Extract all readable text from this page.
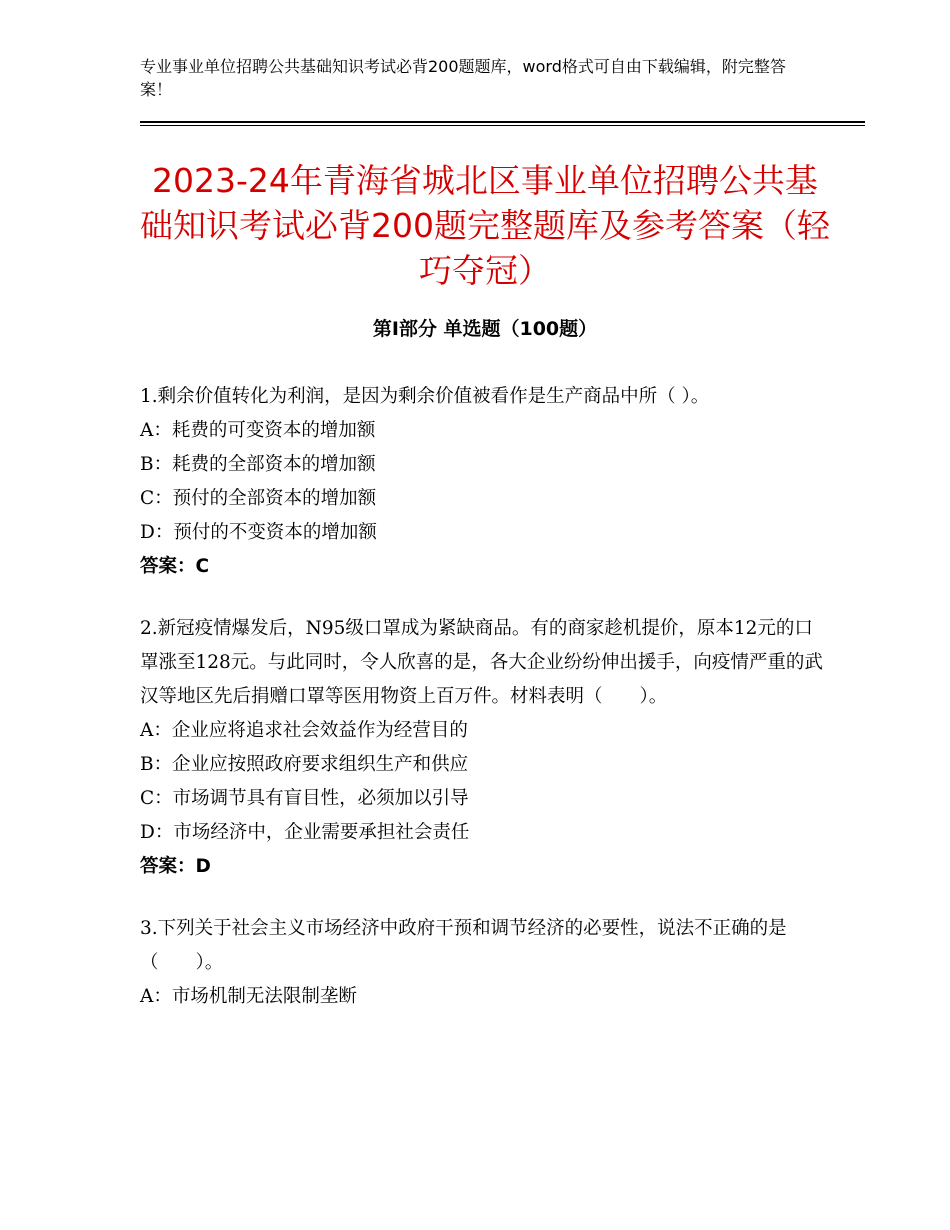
专业事业单位招聘公共基础知识考试必背200题题库，word格式可自由下载编辑，附完整答案！
2023-24年青海省城北区事业单位招聘公共基础知识考试必背200题完整题库及参考答案（轻巧夺冠）
第I部分 单选题（100题）

1.剩余价值转化为利润，是因为剩余价值被看作是生产商品中所（ ）。

A：耗费的可变资本的增加额

B：耗费的全部资本的增加额

C：预付的全部资本的增加额

D：预付的不变资本的增加额

答案：C

2.新冠疫情爆发后，N95级口罩成为紧缺商品。有的商家趁机提价，原本12元的口罩涨至128元。与此同时，令人欣喜的是，各大企业纷纷伸出援手，向疫情严重的武汉等地区先后捐赠口罩等医用物资上百万件。材料表明（　　）。

A：企业应将追求社会效益作为经营目的

B：企业应按照政府要求组织生产和供应

C：市场调节具有盲目性，必须加以引导

D：市场经济中，企业需要承担社会责任

答案：D

3.下列关于社会主义市场经济中政府干预和调节经济的必要性，说法不正确的是（　　）。

A：市场机制无法限制垄断
